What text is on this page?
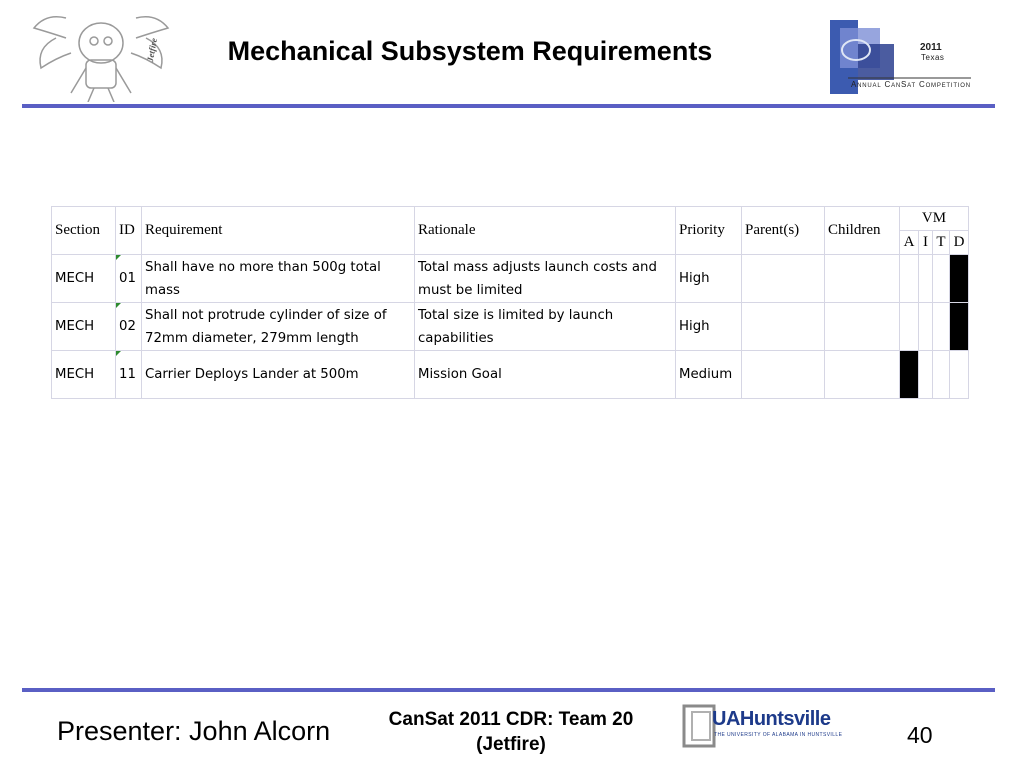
Jetfire	Mechanical Subsystem Requirements	2011
Texas
Annual CanSat Competition
Section	ID	Requirement	Rationale	Priority	Parent(s)	Children	VM			
							A	I	T	D
MECH	01	Shall have no more than 500g total mass	Total mass adjusts launch costs and must be limited	High						
MECH	02	Shall not protrude cylinder of size of 72mm diameter, 279mm length	Total size is limited by launch capabilities	High						
MECH	11	Carrier Deploys Lander at 500m	Mission Goal	Medium						
Presenter: John Alcorn	CanSat 2011 CDR: Team 20
(Jetfire)
UAHuntsville
THE UNIVERSITY OF ALABAMA IN HUNTSVILLE	40
